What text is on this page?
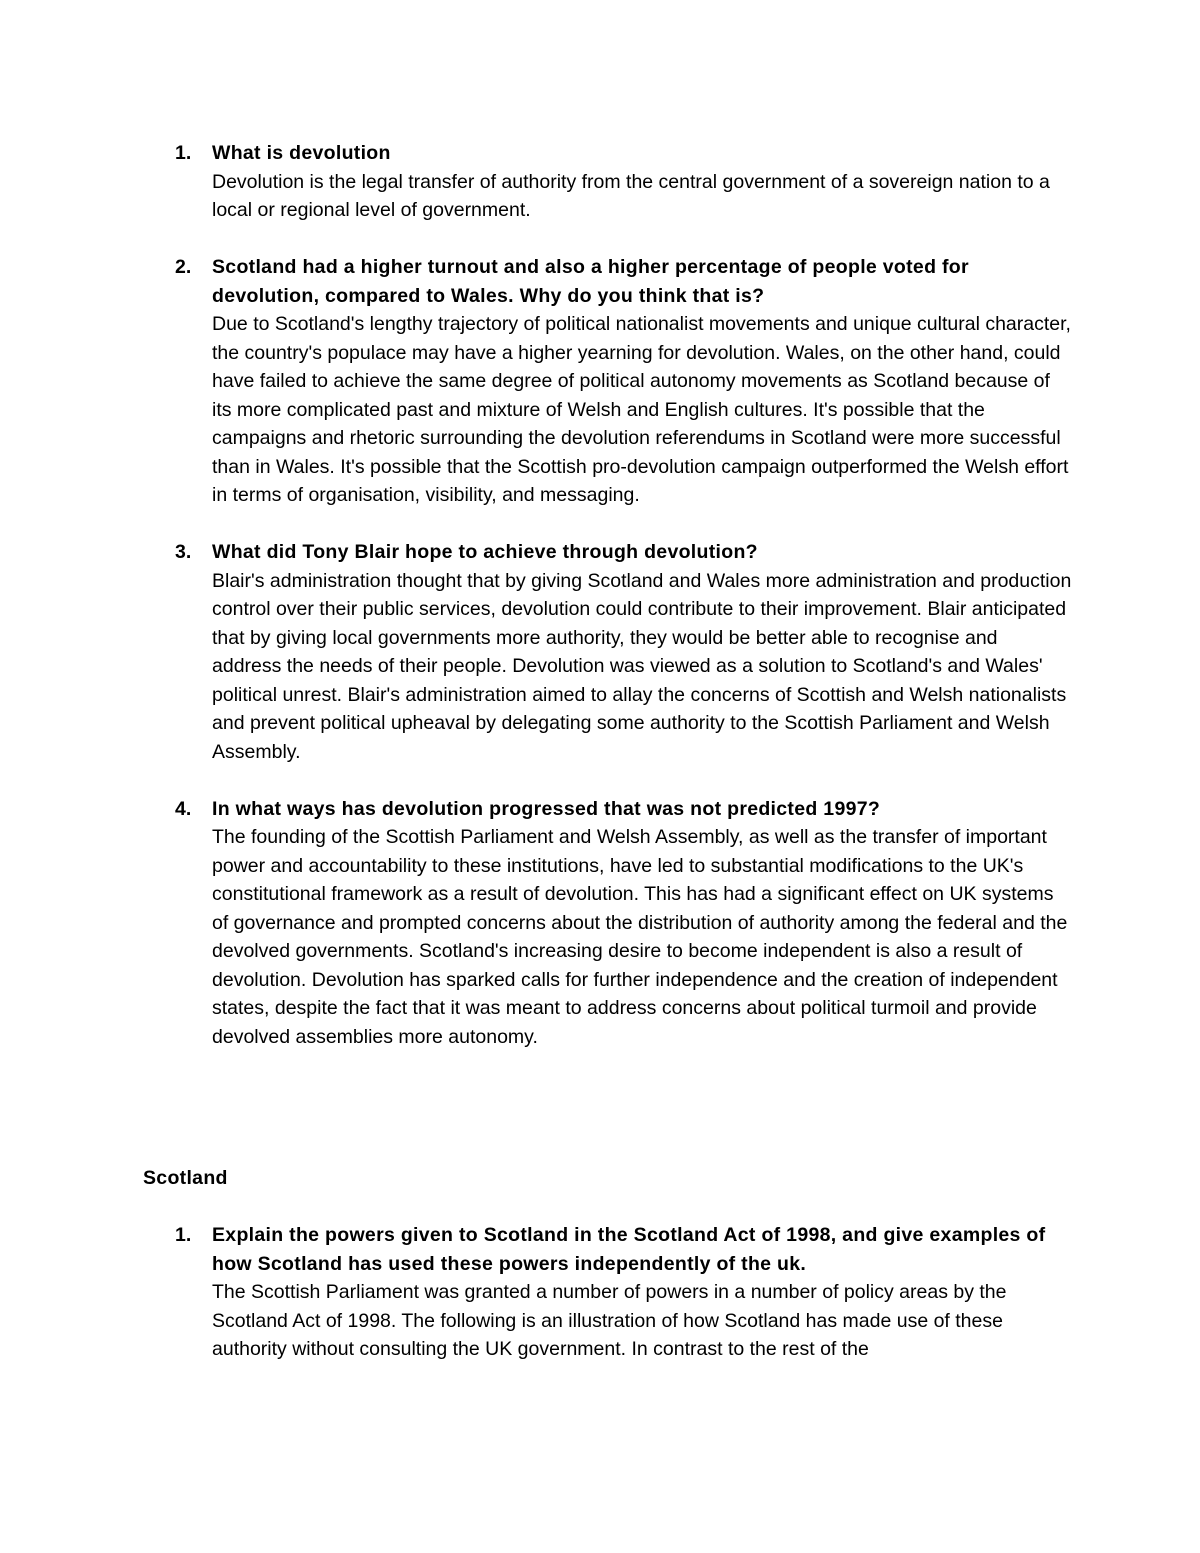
1. What is devolution
Devolution is the legal transfer of authority from the central government of a sovereign nation to a local or regional level of government.
2. Scotland had a higher turnout and also a higher percentage of people voted for devolution, compared to Wales. Why do you think that is?
Due to Scotland's lengthy trajectory of political nationalist movements and unique cultural character, the country's populace may have a higher yearning for devolution. Wales, on the other hand, could have failed to achieve the same degree of political autonomy movements as Scotland because of its more complicated past and mixture of Welsh and English cultures. It's possible that the campaigns and rhetoric surrounding the devolution referendums in Scotland were more successful than in Wales. It's possible that the Scottish pro-devolution campaign outperformed the Welsh effort in terms of organisation, visibility, and messaging.
3. What did Tony Blair hope to achieve through devolution?
Blair's administration thought that by giving Scotland and Wales more administration and production control over their public services, devolution could contribute to their improvement. Blair anticipated that by giving local governments more authority, they would be better able to recognise and address the needs of their people. Devolution was viewed as a solution to Scotland's and Wales' political unrest. Blair's administration aimed to allay the concerns of Scottish and Welsh nationalists and prevent political upheaval by delegating some authority to the Scottish Parliament and Welsh Assembly.
4. In what ways has devolution progressed that was not predicted 1997?
The founding of the Scottish Parliament and Welsh Assembly, as well as the transfer of important power and accountability to these institutions, have led to substantial modifications to the UK's constitutional framework as a result of devolution. This has had a significant effect on UK systems of governance and prompted concerns about the distribution of authority among the federal and the devolved governments. Scotland's increasing desire to become independent is also a result of devolution. Devolution has sparked calls for further independence and the creation of independent states, despite the fact that it was meant to address concerns about political turmoil and provide devolved assemblies more autonomy.
Scotland
1. Explain the powers given to Scotland in the Scotland Act of 1998, and give examples of how Scotland has used these powers independently of the uk.
The Scottish Parliament was granted a number of powers in a number of policy areas by the Scotland Act of 1998. The following is an illustration of how Scotland has made use of these authority without consulting the UK government. In contrast to the rest of the
